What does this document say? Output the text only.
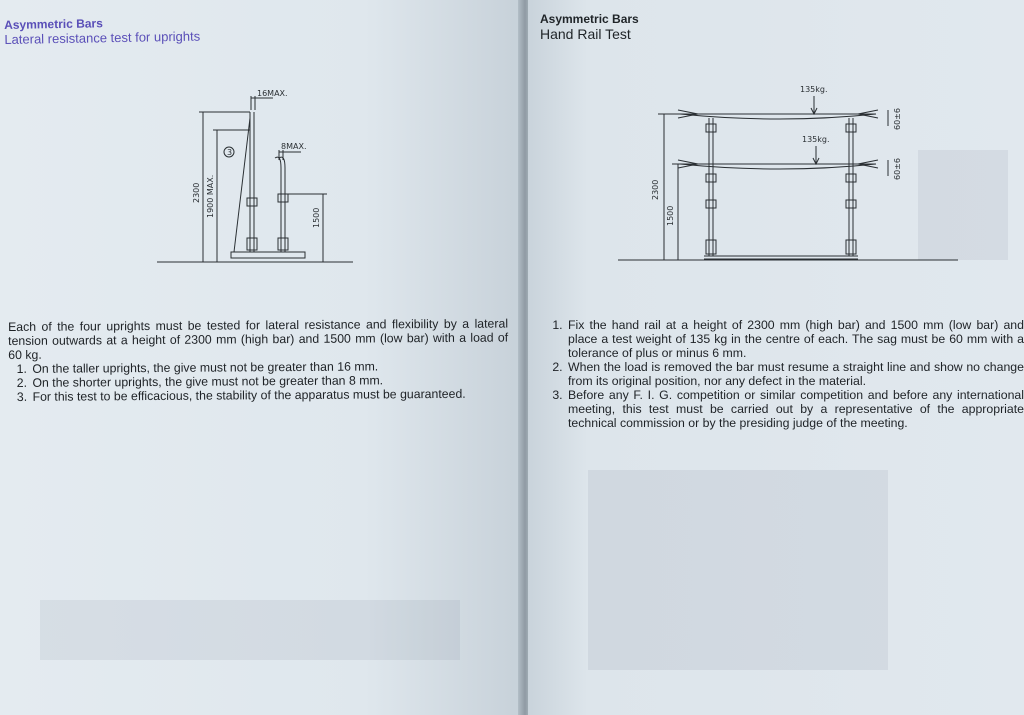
Asymmetric Bars
Lateral resistance test for uprights
16MAX.
8MAX.
3
2300 1900 MAX.	1500

Each of the four uprights must be tested for lateral resistance and flexibility by a lateral tension outwards at a height of 2300 mm (high bar) and 1500 mm (low bar) with a load of 60 kg.

1. On the taller uprights, the give must not be greater than 16 mm.
2. On the shorter uprights, the give must not be greater than 8 mm.
3. For this test to be efficacious, the stability of the apparatus must be guaranteed.
Asymmetric Bars
Hand Rail Test
135kg.
135kg.
60±6
60±6
2300
1500
1. Fix the hand rail at a height of 2300 mm (high bar) and 1500 mm (low bar) and place a test weight of 135 kg in the centre of each. The sag must be 60 mm with a tolerance of plus or minus 6 mm.
2. When the load is removed the bar must resume a straight line and show no change from its original position, nor any defect in the material.
3. Before any F. I. G. competition or similar competition and before any international meeting, this test must be carried out by a representative of the appropriate technical commission or by the presiding judge of the meeting.
